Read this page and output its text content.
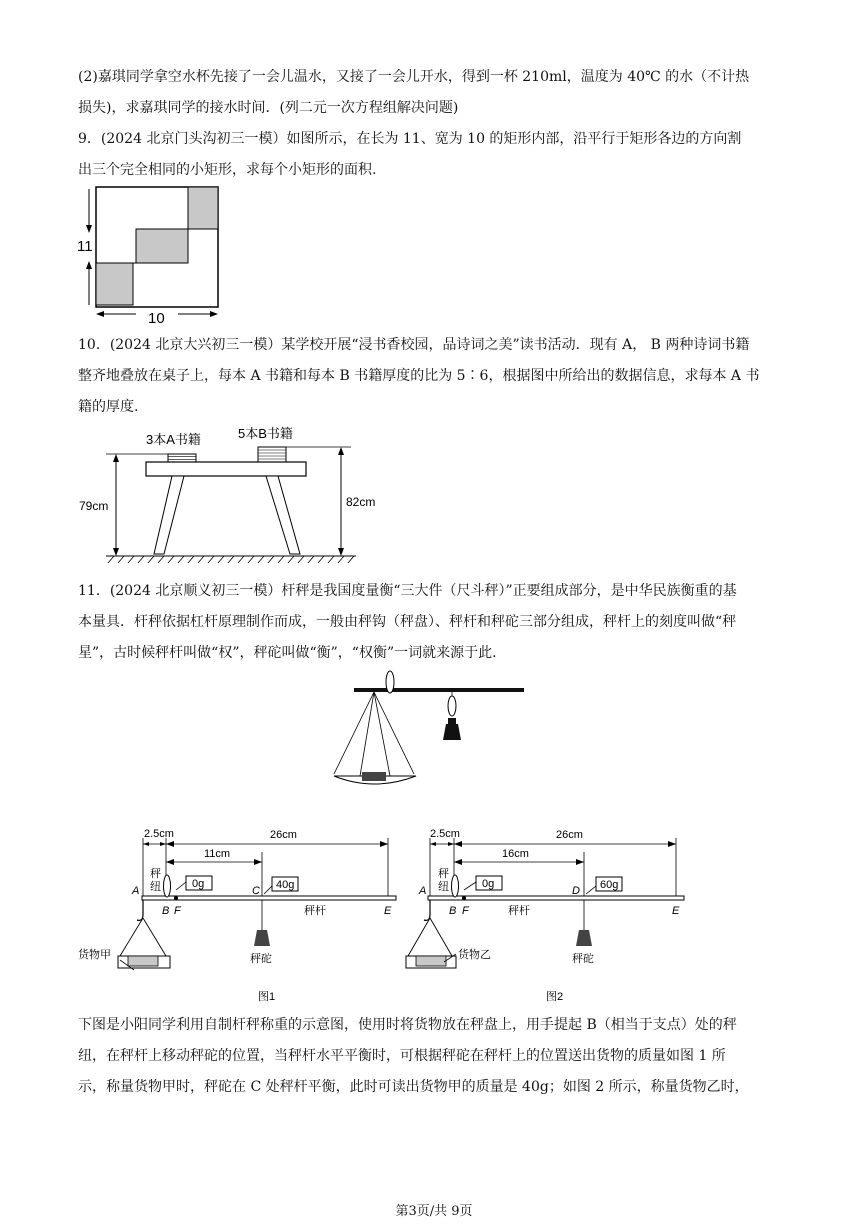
(2)嘉琪同学拿空水杯先接了一会儿温水，又接了一会儿开水，得到一杯 210ml，温度为 40℃ 的水（不计热
损失)，求嘉琪同学的接水时间．(列二元一次方程组解决问题)

9．(2024 北京门头沟初三一模）如图所示，在长为 11、宽为 10 的矩形内部，沿平行于矩形各边的方向割
出三个完全相同的小矩形，求每个小矩形的面积.

11
10

10．(2024 北京大兴初三一模）某学校开展“浸书香校园，品诗词之美”读书活动．现有 A， B 两种诗词书籍
整齐地叠放在桌子上，每本 A 书籍和每本 B 书籍厚度的比为 5∶6，根据图中所给出的数据信息，求每本 A 书
籍的厚度.

3本A书籍	5本B书籍
79cm	82cm

11．(2024 北京顺义初三一模）杆秤是我国度量衡“三大件（尺斗秤）”正要组成部分，是中华民族衡重的基
本量具．杆秤依据杠杆原理制作而成，一般由秤钩（秤盘）、秤杆和秤砣三部分组成，秤杆上的刻度叫做“秤
星”，古时候秤杆叫做“权”，秤砣叫做“衡”，“权衡”一词就来源于此.

2.5cm	26cm
11cm
秤
纽	0g	40g
A
B F
C
秤杆	E
货物甲	秤砣
图1
2.5cm	26cm
16cm
秤
纽	0g	60g
A
B F
D
秤杆	E
货物乙	秤砣
图2

下图是小阳同学利用自制杆秤称重的示意图，使用时将货物放在秤盘上，用手提起 B（相当于支点）处的秤
纽，在秤杆上移动秤砣的位置，当秤杆水平平衡时，可根据秤砣在秤杆上的位置送出货物的质量如图 1 所
示，称量货物甲时，秤砣在 C 处秤杆平衡，此时可读出货物甲的质量是 40g；如图 2 所示，称量货物乙时，

第3页/共 9页
